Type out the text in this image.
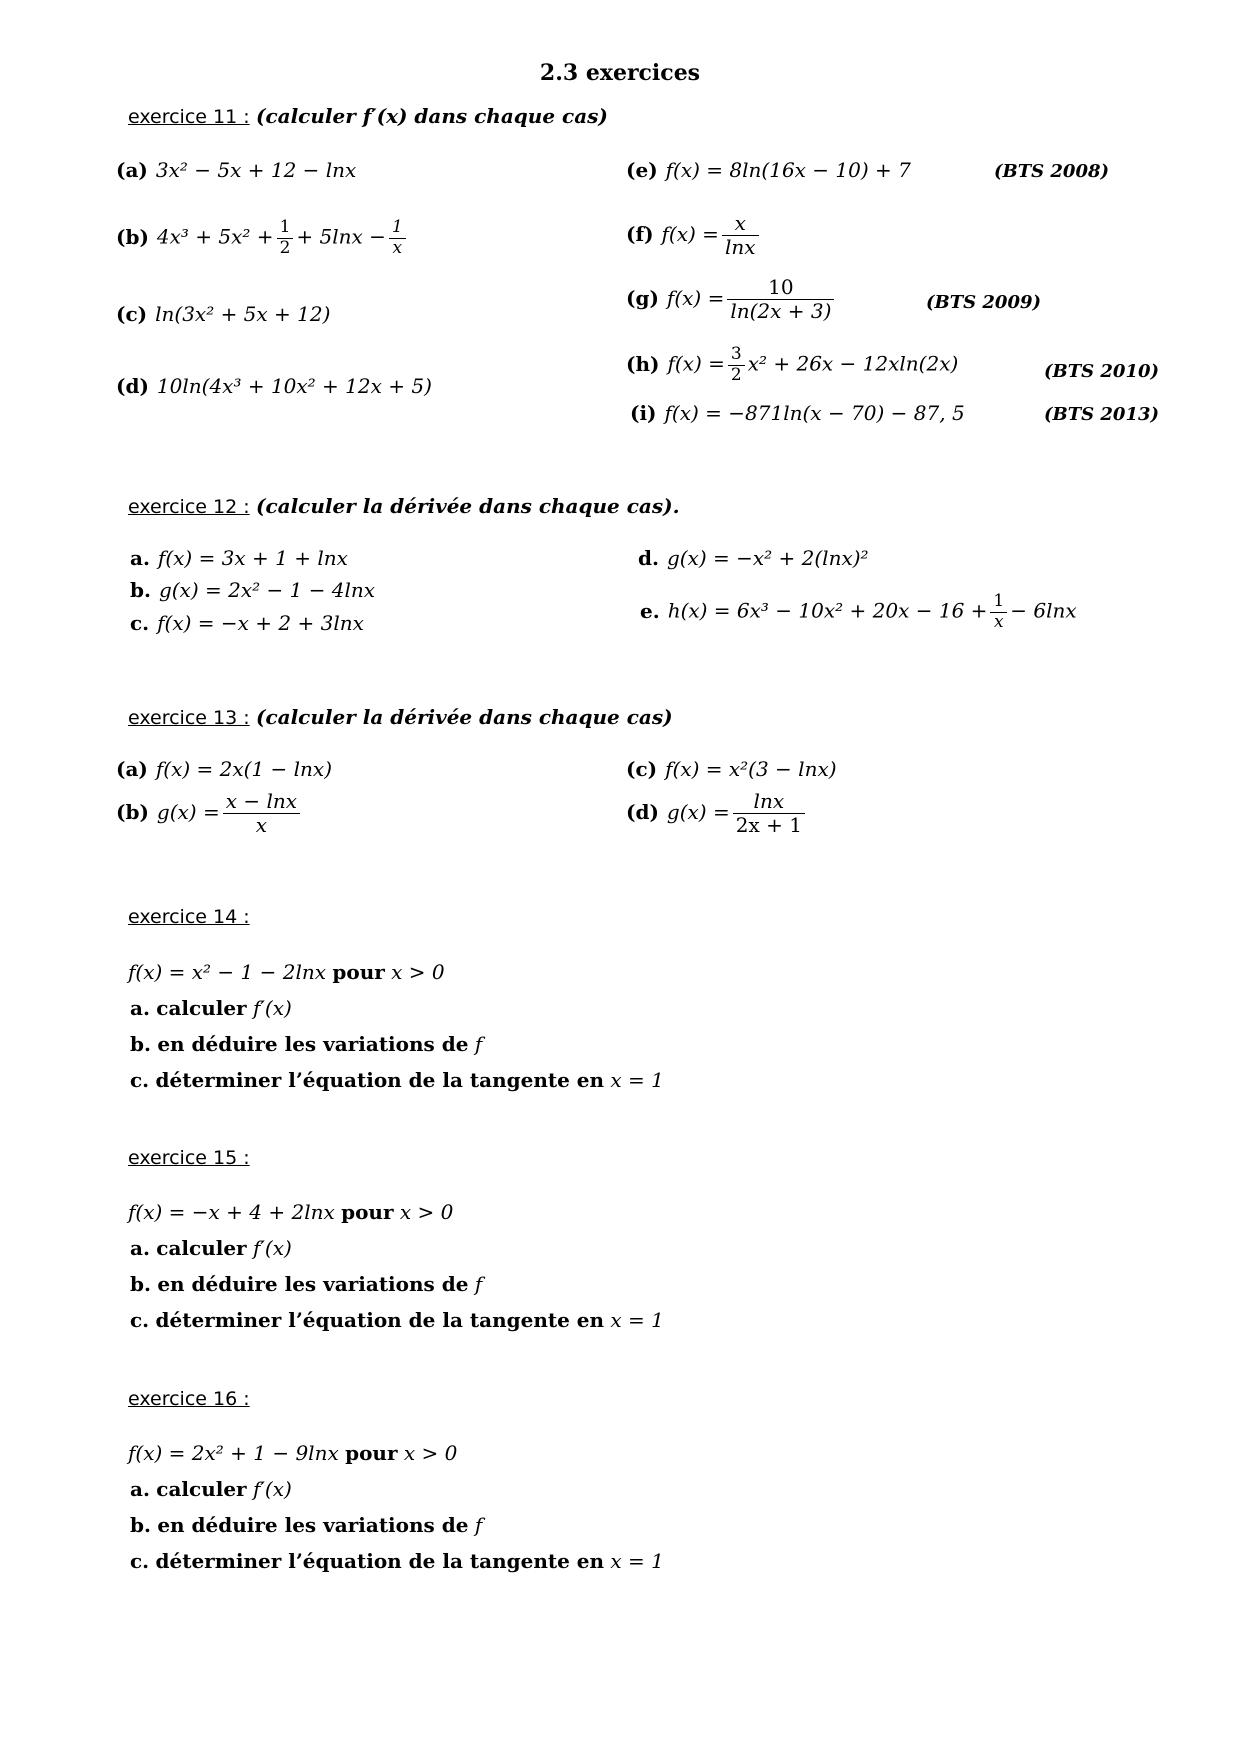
2.3 exercices
exercice 11 : (calculer f′(x) dans chaque cas)
(a) 3x² − 5x + 12 − lnx
(b) $4x^3 + 5x^2 + \frac{1}{2} + 5\ln x - \frac{1}{x}$
(c) ln(3x² + 5x + 12)
(d) 10ln(4x³ + 10x² + 12x + 5)
(e) f(x) = 8ln(16x − 10) + 7	(BTS 2008)
(f) $f(x) = \frac{x}{\ln x}$
(g) $f(x) = \frac{10}{\ln(2x + 3)}$	(BTS 2009)
(h) $f(x) = \frac{3}{2} x^2 + 26x - 12xln(2x)$	(BTS 2010)
(i) f(x) = −871ln(x − 70) − 87, 5	(BTS 2013)
exercice 12 : (calculer la dérivée dans chaque cas).
a. f(x) = 3x + 1 + lnx
b. g(x) = 2x² − 1 − 4lnx
c. f(x) = −x + 2 + 3lnx
d. g(x) = −x² + 2(lnx)²
e. $h(x) = 6x^3 - 10x^2 + 20x - 16 + \frac{1}{x} - 6\ln x$
exercice 13 : (calculer la dérivée dans chaque cas)
(a) f(x) = 2x(1 − lnx)
(b) $g(x) = \frac{x - \ln x}{x}$
(c) f(x) = x²(3 − lnx)
(d) $g(x) = \frac{\ln x}{2x + 1}$
exercice 14 :
f(x) = x² − 1 − 2lnx pour x > 0
a. calculer f′(x)
b. en déduire les variations de f
c. déterminer l’équation de la tangente en x = 1
exercice 15 :
f(x) = −x + 4 + 2lnx pour x > 0
a. calculer f′(x)
b. en déduire les variations de f
c. déterminer l’équation de la tangente en x = 1
exercice 16 :
f(x) = 2x² + 1 − 9lnx pour x > 0
a. calculer f′(x)
b. en déduire les variations de f
c. déterminer l’équation de la tangente en x = 1
